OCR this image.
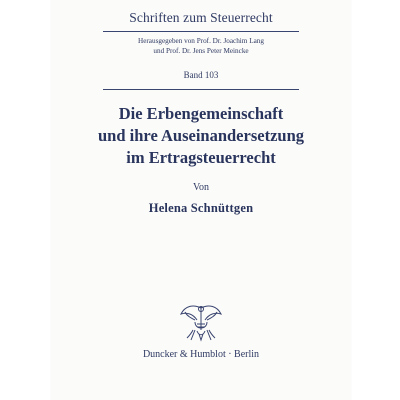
Schriften zum Steuerrecht
Herausgegeben von Prof. Dr. Joachim Lang
und Prof. Dr. Jens Peter Meincke
Band 103
Die Erbengemeinschaft
und ihre Auseinandersetzung
im Ertragsteuerrecht
Von
Helena Schnüttgen
Duncker & Humblot · Berlin
